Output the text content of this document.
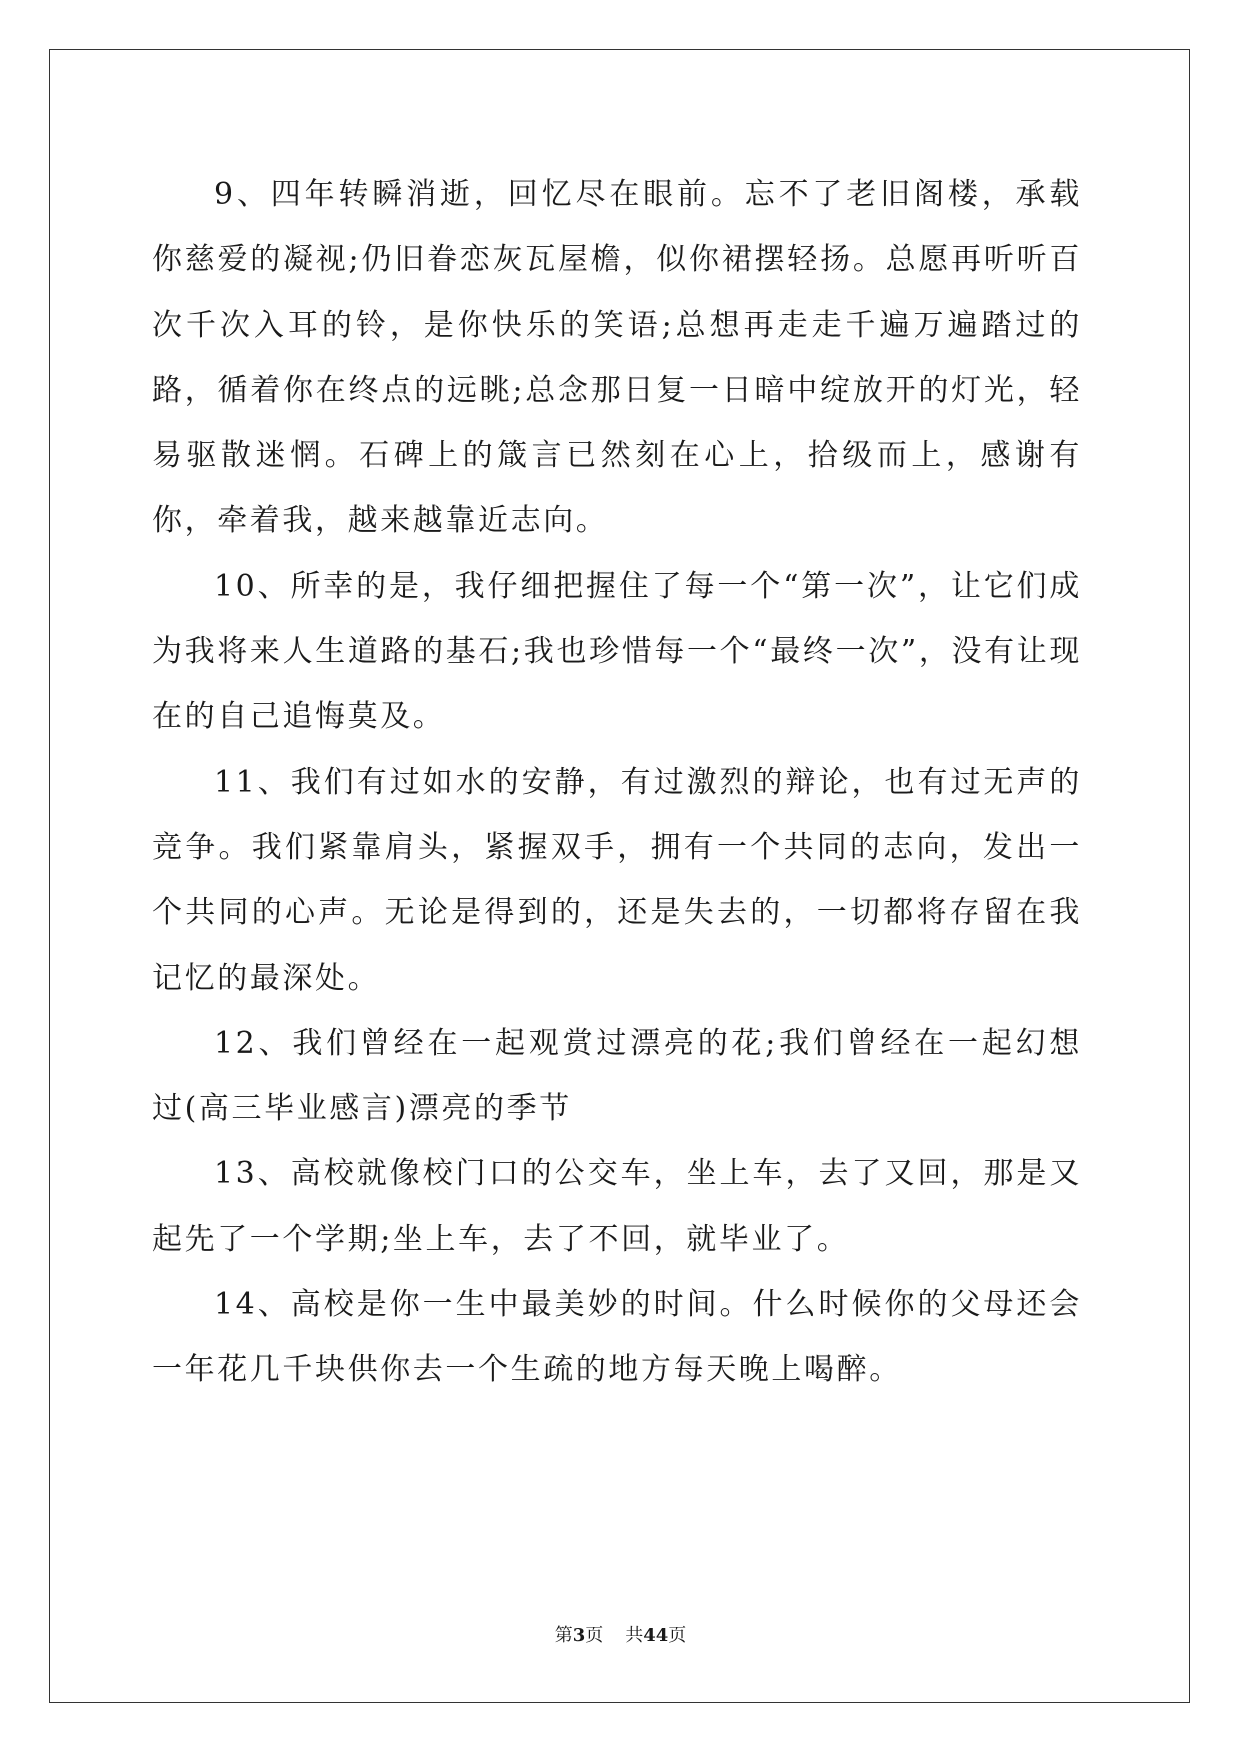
9、四年转瞬消逝，回忆尽在眼前。忘不了老旧阁楼，承载你慈爱的凝视;仍旧眷恋灰瓦屋檐，似你裙摆轻扬。总愿再听听百次千次入耳的铃，是你快乐的笑语;总想再走走千遍万遍踏过的路，循着你在终点的远眺;总念那日复一日暗中绽放开的灯光，轻易驱散迷惘。石碑上的箴言已然刻在心上，拾级而上，感谢有你，牵着我，越来越靠近志向。

10、所幸的是，我仔细把握住了每一个“第一次”，让它们成为我将来人生道路的基石;我也珍惜每一个“最终一次”，没有让现在的自己追悔莫及。

11、我们有过如水的安静，有过激烈的辩论，也有过无声的竞争。我们紧靠肩头，紧握双手，拥有一个共同的志向，发出一个共同的心声。无论是得到的，还是失去的，一切都将存留在我记忆的最深处。

12、我们曾经在一起观赏过漂亮的花;我们曾经在一起幻想过(高三毕业感言)漂亮的季节

13、高校就像校门口的公交车，坐上车，去了又回，那是又起先了一个学期;坐上车，去了不回，就毕业了。

14、高校是你一生中最美妙的时间。什么时候你的父母还会一年花几千块供你去一个生疏的地方每天晚上喝醉。

第3页 共44页
